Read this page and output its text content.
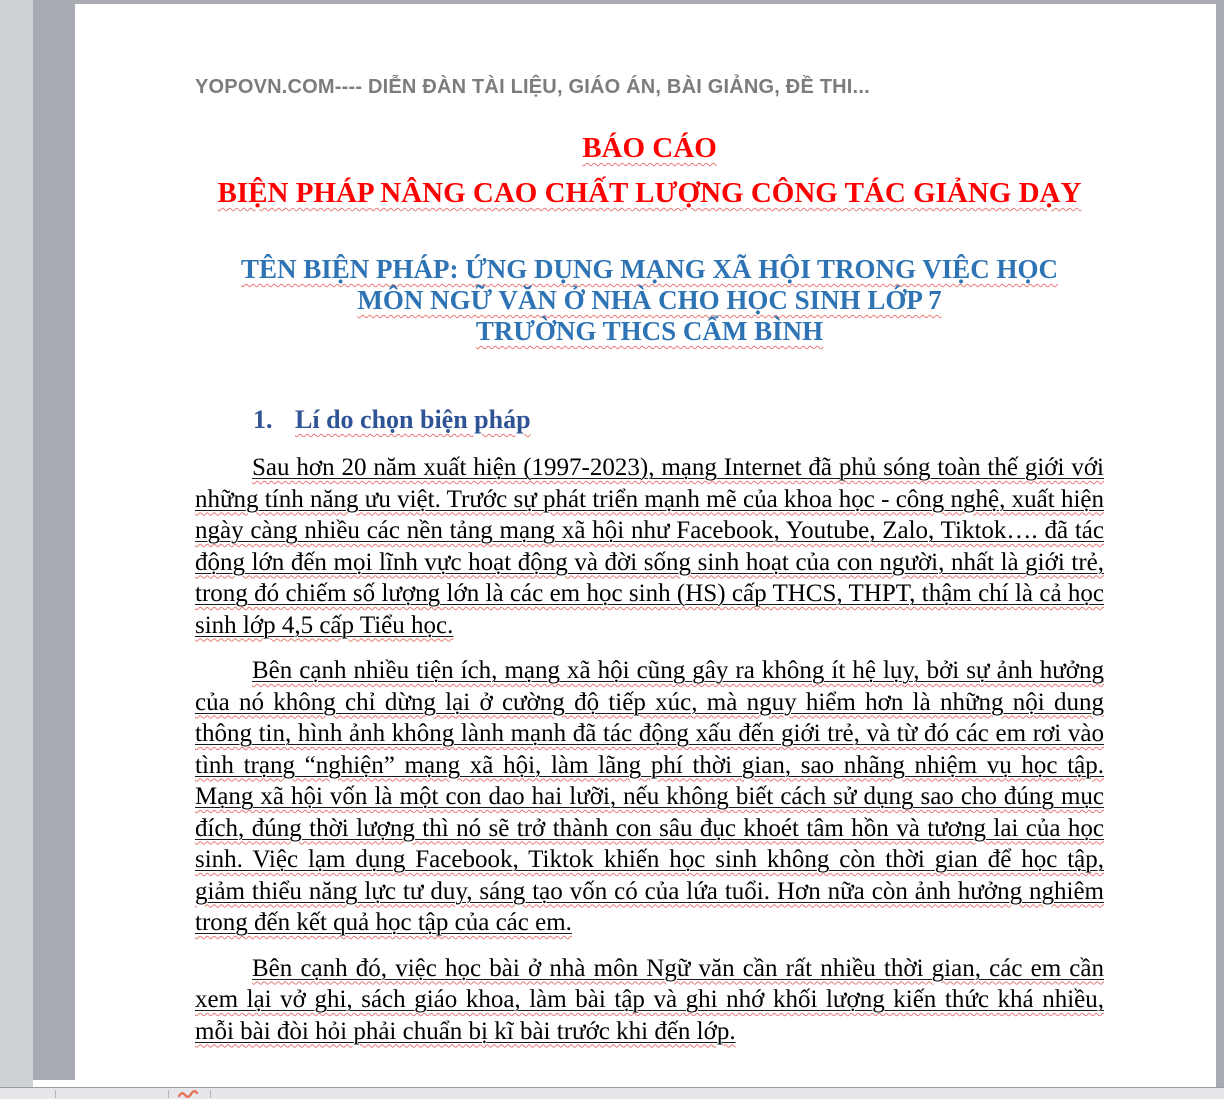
YOPOVN.COM---- DIỄN ĐÀN TÀI LIỆU, GIÁO ÁN, BÀI GIẢNG, ĐỀ THI...
BÁO CÁO
BIỆN PHÁP NÂNG CAO CHẤT LƯỢNG CÔNG TÁC GIẢNG DẠY
TÊN BIỆN PHÁP: ỨNG DỤNG MẠNG XÃ HỘI TRONG VIỆC HỌC
MÔN NGỮ VĂN Ở NHÀ CHO HỌC SINH LỚP 7
TRƯỜNG THCS CẨM BÌNH
1. Lí do chọn biện pháp

Sau hơn 20 năm xuất hiện (1997-2023), mạng Internet đã phủ sóng toàn thế giới với những tính năng ưu việt. Trước sự phát triển mạnh mẽ của khoa học - công nghệ, xuất hiện ngày càng nhiều các nền tảng mạng xã hội như Facebook, Youtube, Zalo, Tiktok…. đã tác động lớn đến mọi lĩnh vực hoạt động và đời sống sinh hoạt của con người, nhất là giới trẻ, trong đó chiếm số lượng lớn là các em học sinh (HS) cấp THCS, THPT, thậm chí là cả học sinh lớp 4,5 cấp Tiểu học.

Bên cạnh nhiều tiện ích, mạng xã hội cũng gây ra không ít hệ lụy, bởi sự ảnh hưởng của nó không chỉ dừng lại ở cường độ tiếp xúc, mà nguy hiểm hơn là những nội dung thông tin, hình ảnh không lành mạnh đã tác động xấu đến giới trẻ, và từ đó các em rơi vào tình trạng “nghiện” mạng xã hội, làm lãng phí thời gian, sao nhãng nhiệm vụ học tập. Mạng xã hội vốn là một con dao hai lưỡi, nếu không biết cách sử dụng sao cho đúng mục đích, đúng thời lượng thì nó sẽ trở thành con sâu đục khoét tâm hồn và tương lai của học sinh. Việc lạm dụng Facebook, Tiktok khiến học sinh không còn thời gian để học tập, giảm thiểu năng lực tư duy, sáng tạo vốn có của lứa tuổi. Hơn nữa còn ảnh hưởng nghiêm trong đến kết quả học tập của các em.

Bên cạnh đó, việc học bài ở nhà môn Ngữ văn cần rất nhiều thời gian, các em cần xem lại vở ghi, sách giáo khoa, làm bài tập và ghi nhớ khối lượng kiến thức khá nhiều, mỗi bài đòi hỏi phải chuẩn bị kĩ bài trước khi đến lớp.
